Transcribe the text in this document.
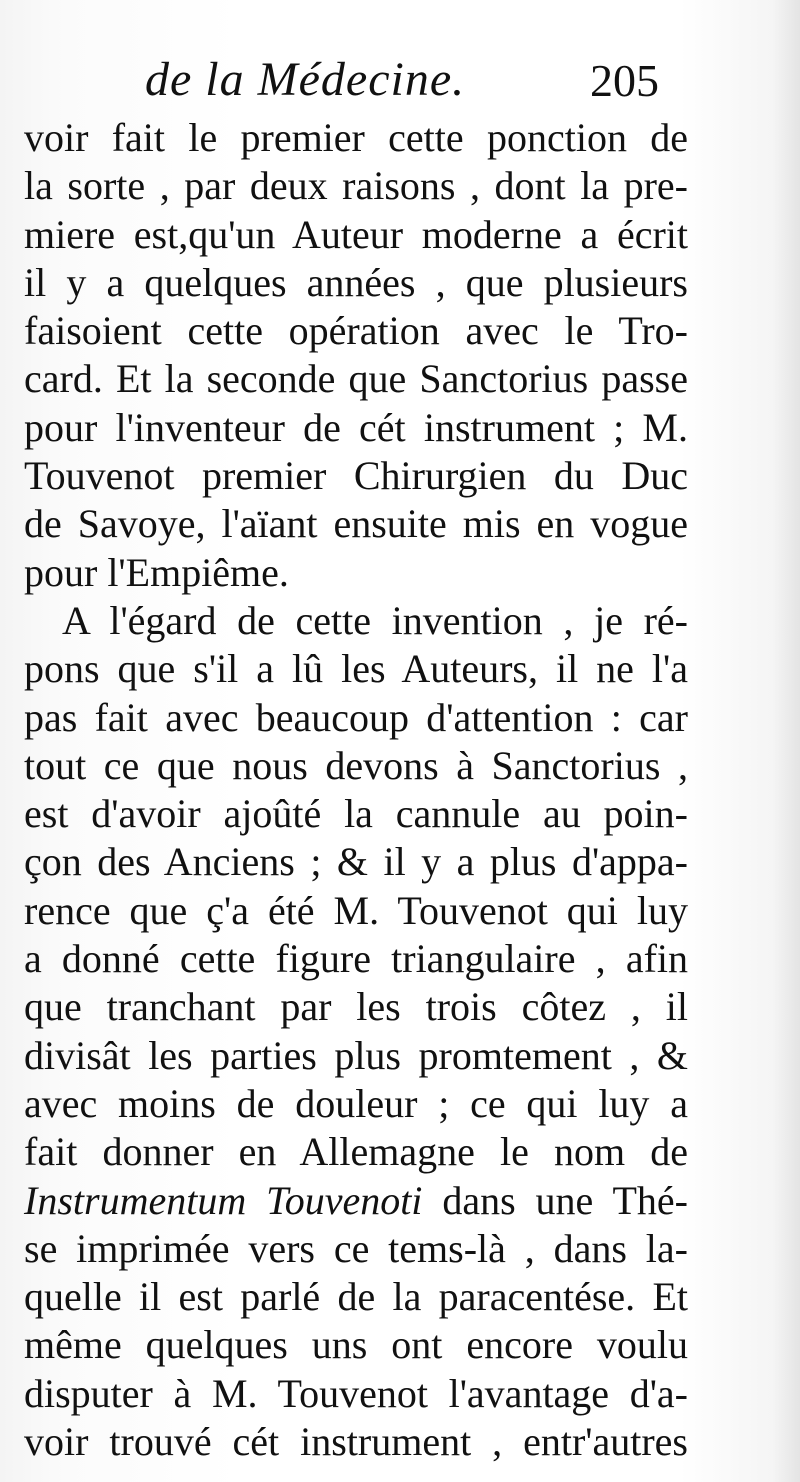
de la Médecine.	205
voir fait le premier cette ponction de
la sorte , par deux raisons , dont la pre-
miere est,qu'un Auteur moderne a écrit
il y a quelques années , que plusieurs
faisoient cette opération avec le Tro-
card. Et la seconde que Sanctorius passe
pour l'inventeur de cét instrument ; M.
Touvenot premier Chirurgien du Duc
de Savoye, l'aïant ensuite mis en vogue
pour l'Empiême.
A l'égard de cette invention , je ré-
pons que s'il a lû les Auteurs, il ne l'a
pas fait avec beaucoup d'attention : car
tout ce que nous devons à Sanctorius ,
est d'avoir ajoûté la cannule au poin-
çon des Anciens ; & il y a plus d'appa-
rence que ç'a été M. Touvenot qui luy
a donné cette figure triangulaire , afin
que tranchant par les trois côtez , il
divisât les parties plus promtement , &
avec moins de douleur ; ce qui luy a
fait donner en Allemagne le nom de
Instrumentum Touvenoti dans une Thé-
se imprimée vers ce tems-là , dans la-
quelle il est parlé de la paracentése. Et
même quelques uns ont encore voulu
disputer à M. Touvenot l'avantage d'a-
voir trouvé cét instrument , entr'autres
